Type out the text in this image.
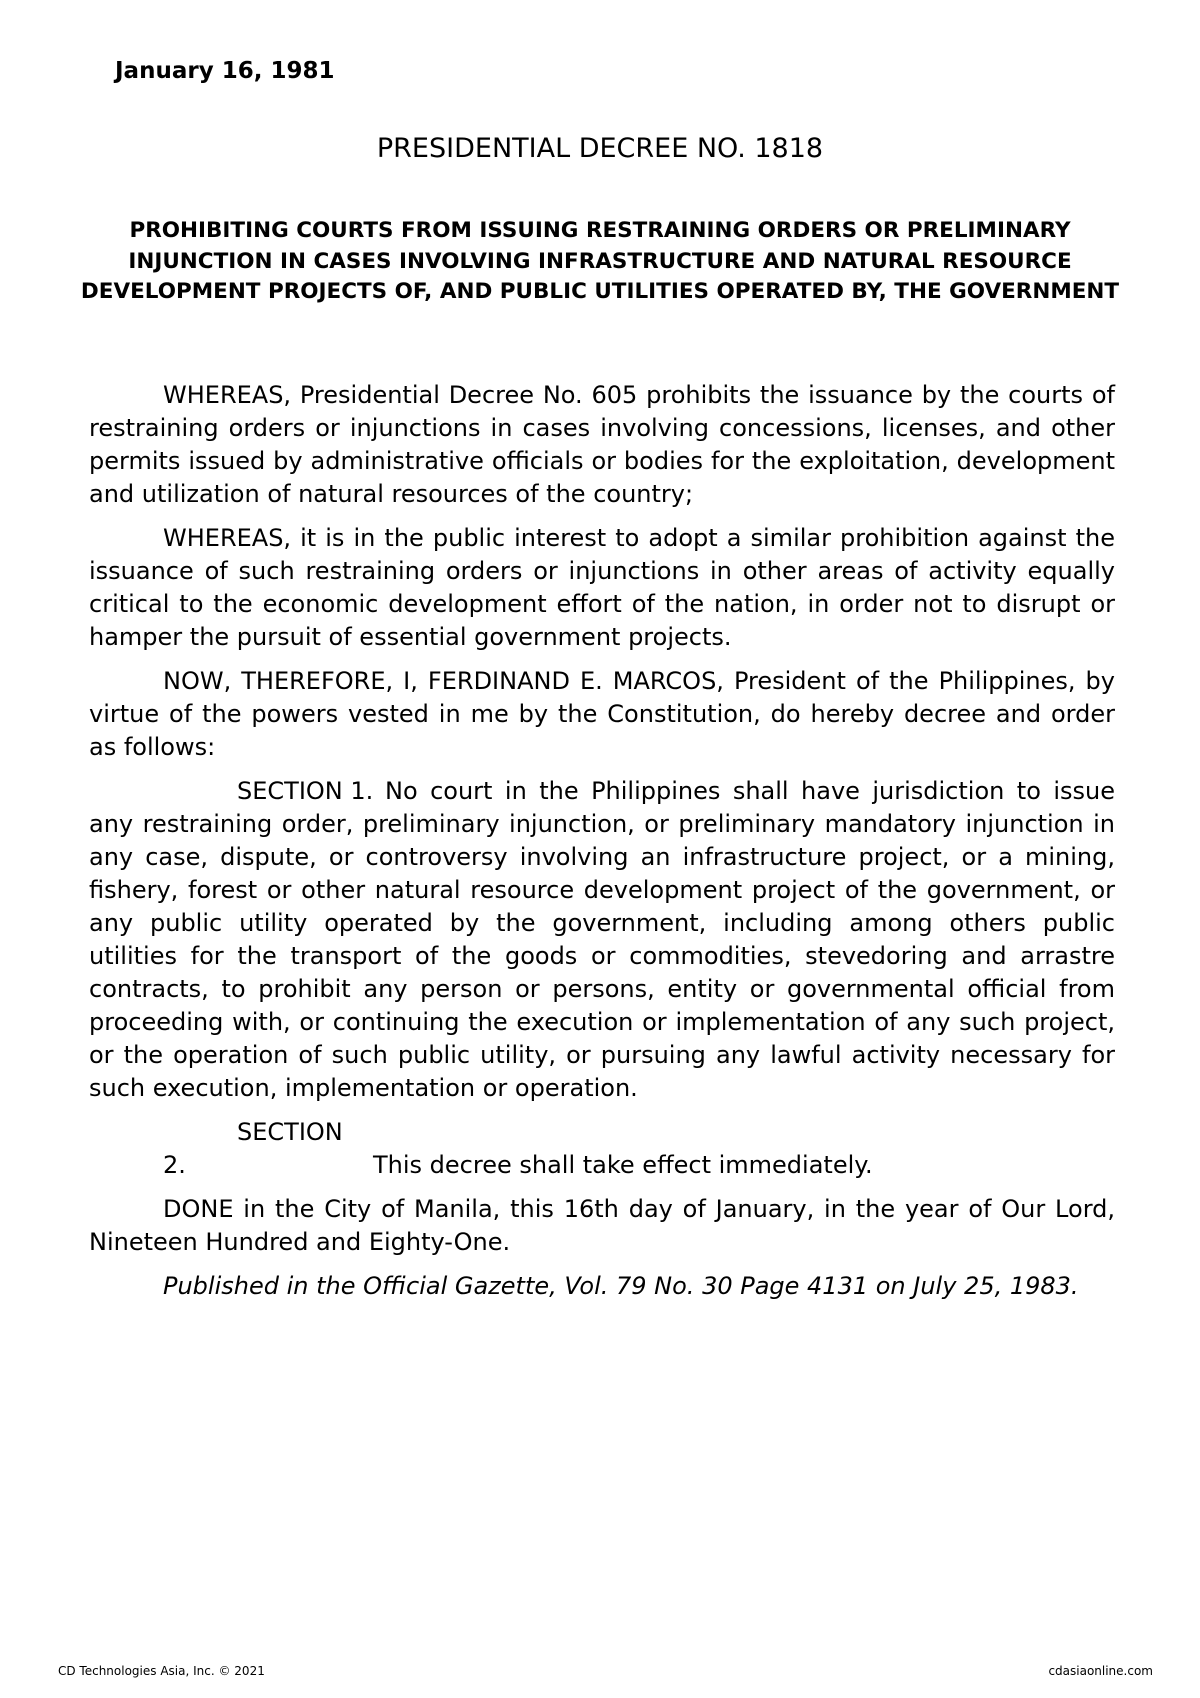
January 16, 1981

PRESIDENTIAL DECREE NO. 1818
PROHIBITING COURTS FROM ISSUING RESTRAINING ORDERS OR PRELIMINARY INJUNCTION IN CASES INVOLVING INFRASTRUCTURE AND NATURAL RESOURCE DEVELOPMENT PROJECTS OF, AND PUBLIC UTILITIES OPERATED BY, THE GOVERNMENT

WHEREAS, Presidential Decree No. 605 prohibits the issuance by the courts of restraining orders or injunctions in cases involving concessions, licenses, and other permits issued by administrative officials or bodies for the exploitation, development and utilization of natural resources of the country;

WHEREAS, it is in the public interest to adopt a similar prohibition against the issuance of such restraining orders or injunctions in other areas of activity equally critical to the economic development effort of the nation, in order not to disrupt or hamper the pursuit of essential government projects.

NOW, THEREFORE, I, FERDINAND E. MARCOS, President of the Philippines, by virtue of the powers vested in me by the Constitution, do hereby decree and order as follows:

SECTION 1. No court in the Philippines shall have jurisdiction to issue any restraining order, preliminary injunction, or preliminary mandatory injunction in any case, dispute, or controversy involving an infrastructure project, or a mining, fishery, forest or other natural resource development project of the government, or any public utility operated by the government, including among others public utilities for the transport of the goods or commodities, stevedoring and arrastre contracts, to prohibit any person or persons, entity or governmental official from proceeding with, or continuing the execution or implementation of any such project, or the operation of such public utility, or pursuing any lawful activity necessary for such execution, implementation or operation.

SECTION 2.	This decree shall take effect immediately.

DONE in the City of Manila, this 16th day of January, in the year of Our Lord, Nineteen Hundred and Eighty-One.

Published in the Official Gazette, Vol. 79 No. 30 Page 4131 on July 25, 1983.

CD Technologies Asia, Inc. © 2021	cdasiaonline.com
